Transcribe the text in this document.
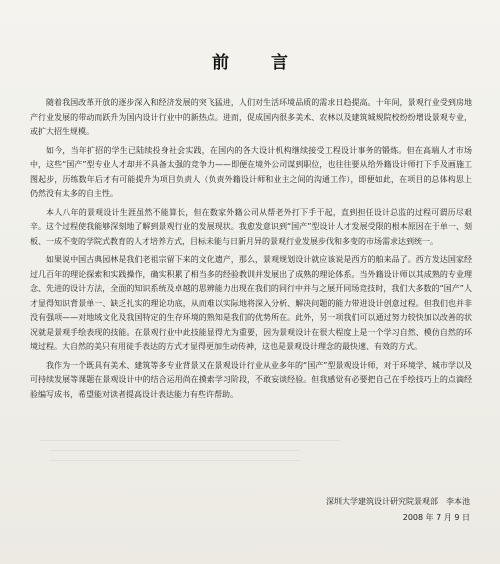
前 言

随着我国改革开放的逐步深入和经济发展的突飞猛进，人们对生活环境品质的需求日趋提高。十年间，景观行业受到房地产行业发展的带动而跃升为国内设计行业中的新热点。进而，促成国内很多美术、农林以及建筑城规院校纷纷增设景观专业，或扩大招生规模。

如今，当年扩招的学生已陆续投身社会实践，在国内的各大设计机构继续接受工程设计事务的锻炼。但在高端人才市场中，这些“国产”型专业人才却并不具备太强的竞争力——即便在境外公司谋到职位，也往往要从给外籍设计师打下手及画施工图起步，历练数年后才有可能提升为项目负责人（负责外籍设计师和业主之间的沟通工作），即便如此，在项目的总体构思上仍然没有太多的自主性。

本人八年的景观设计生涯虽然不能算长，但在数家外籍公司从帮老外打下手干起，直到担任设计总监的过程可谓历尽艰辛。这个过程使我能够深刻地了解到景观行业的发展现状。我愈发意识到“国产”型设计人才发展受限的根本原因在于单一、刻板、一成不变的学院式教育的人才培养方式，目标未能与日新月异的景观行业发展步伐和多变的市场需求达到统一。

如果说中国古典园林是我们老祖宗留下来的文化遗产，那么，景观规划设计就应该说是西方的舶来品了。西方发达国家经过几百年的理论探索和实践操作，确实积累了相当多的经验教训并发展出了成熟的理论体系。当外籍设计师以其成熟的专业理念、先进的设计方法，全面的知识系统及卓越的思辨能力出现在我们的同行中并与之展开同场竞技时，我们大多数的“国产”人才显得知识背景单一、缺乏扎实的理论功底，从而难以实际地将深入分析、解决问题的能力带进设计创意过程。但我们也并非没有强项——对地域文化及我国特定的生存环境的熟知是我们的优势所在。此外，另一项我们可以通过努力较快加以改善的状况就是景观手绘表现的技能。在景观行业中此技能显得尤为重要，因为景观设计在很大程度上是一个学习自然、模仿自然的环境过程。大自然的美只有用徒手表达的方式才显得更加生动传神，这也是景观设计理念的最快速、有效的方式。

我作为一个既具有美术、建筑等多专业背景又在景观设计行业从业多年的“国产”型景观设计师，对于环境学、城市学以及可持续发展等课题在景观设计中的结合运用尚在摸索学习阶段，不敢妄谈经验。但我感觉有必要把自己在手绘技巧上的点滴经验编写成书，希望能对读者提高设计表达能力有些许帮助。

深圳大学建筑设计研究院景观部　李本池
2008 年 7 月 9 日
